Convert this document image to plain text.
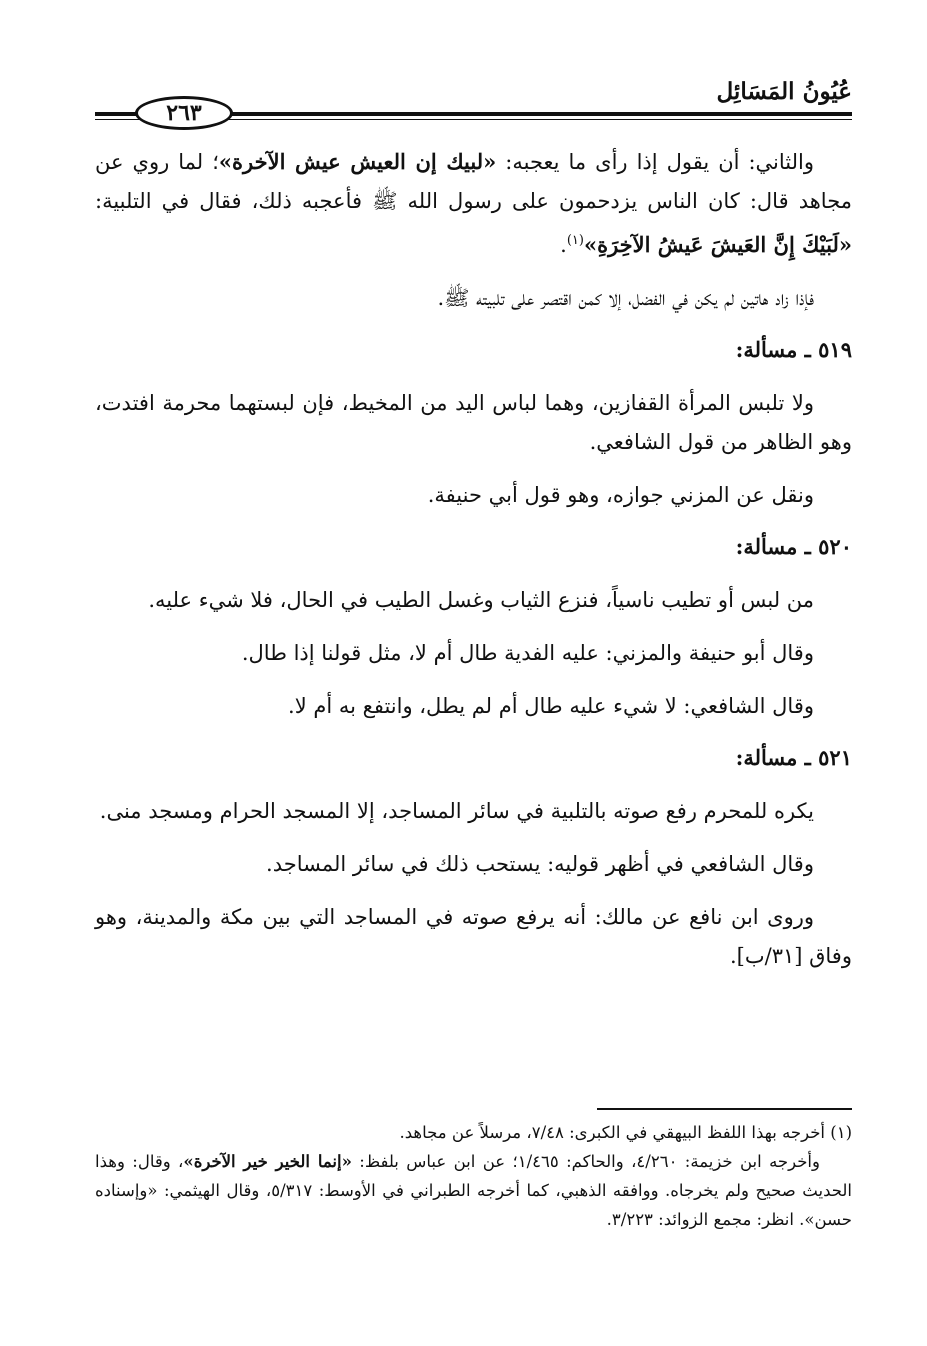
عُيُونُ المَسَائِل
٢٦٣

والثاني: أن يقول إذا رأى ما يعجبه: «لبيك إن العيش عيش الآخرة»؛ لما روي عن مجاهد قال: كان الناس يزدحمون على رسول الله ﷺ فأعجبه ذلك، فقال في التلبية: «لَبَيْكَ إِنَّ العَيشَ عَيشُ الآخِرَةِ»$^{(١)}$.

فإذا زاد هاتين لم يكن في الفضل، إلا كمن اقتصر على تلبيته ﷺ.

٥١٩ ـ مسألة:

ولا تلبس المرأة القفازين، وهما لباس اليد من المخيط، فإن لبستهما محرمة افتدت، وهو الظاهر من قول الشافعي.

ونقل عن المزني جوازه، وهو قول أبي حنيفة.

٥٢٠ ـ مسألة:

من لبس أو تطيب ناسياً، فنزع الثياب وغسل الطيب في الحال، فلا شيء عليه.

وقال أبو حنيفة والمزني: عليه الفدية طال أم لا، مثل قولنا إذا طال.

وقال الشافعي: لا شيء عليه طال أم لم يطل، وانتفع به أم لا.

٥٢١ ـ مسألة:

يكره للمحرم رفع صوته بالتلبية في سائر المساجد، إلا المسجد الحرام ومسجد منى.

وقال الشافعي في أظهر قوليه: يستحب ذلك في سائر المساجد.

وروى ابن نافع عن مالك: أنه يرفع صوته في المساجد التي بين مكة والمدينة، وهو وفاق [٣١/ب].

(١) أخرجه بهذا اللفظ البيهقي في الكبرى: ٧/٤٨، مرسلاً عن مجاهد.

وأخرجه ابن خزيمة: ٤/٢٦٠، والحاكم: ١/٤٦٥؛ عن ابن عباس بلفظ: «إنما الخير خير الآخرة»، وقال: وهذا الحديث صحيح ولم يخرجاه. ووافقه الذهبي، كما أخرجه الطبراني في الأوسط: ٥/٣١٧، وقال الهيثمي: «وإسناده حسن». انظر: مجمع الزوائد: ٣/٢٢٣.
